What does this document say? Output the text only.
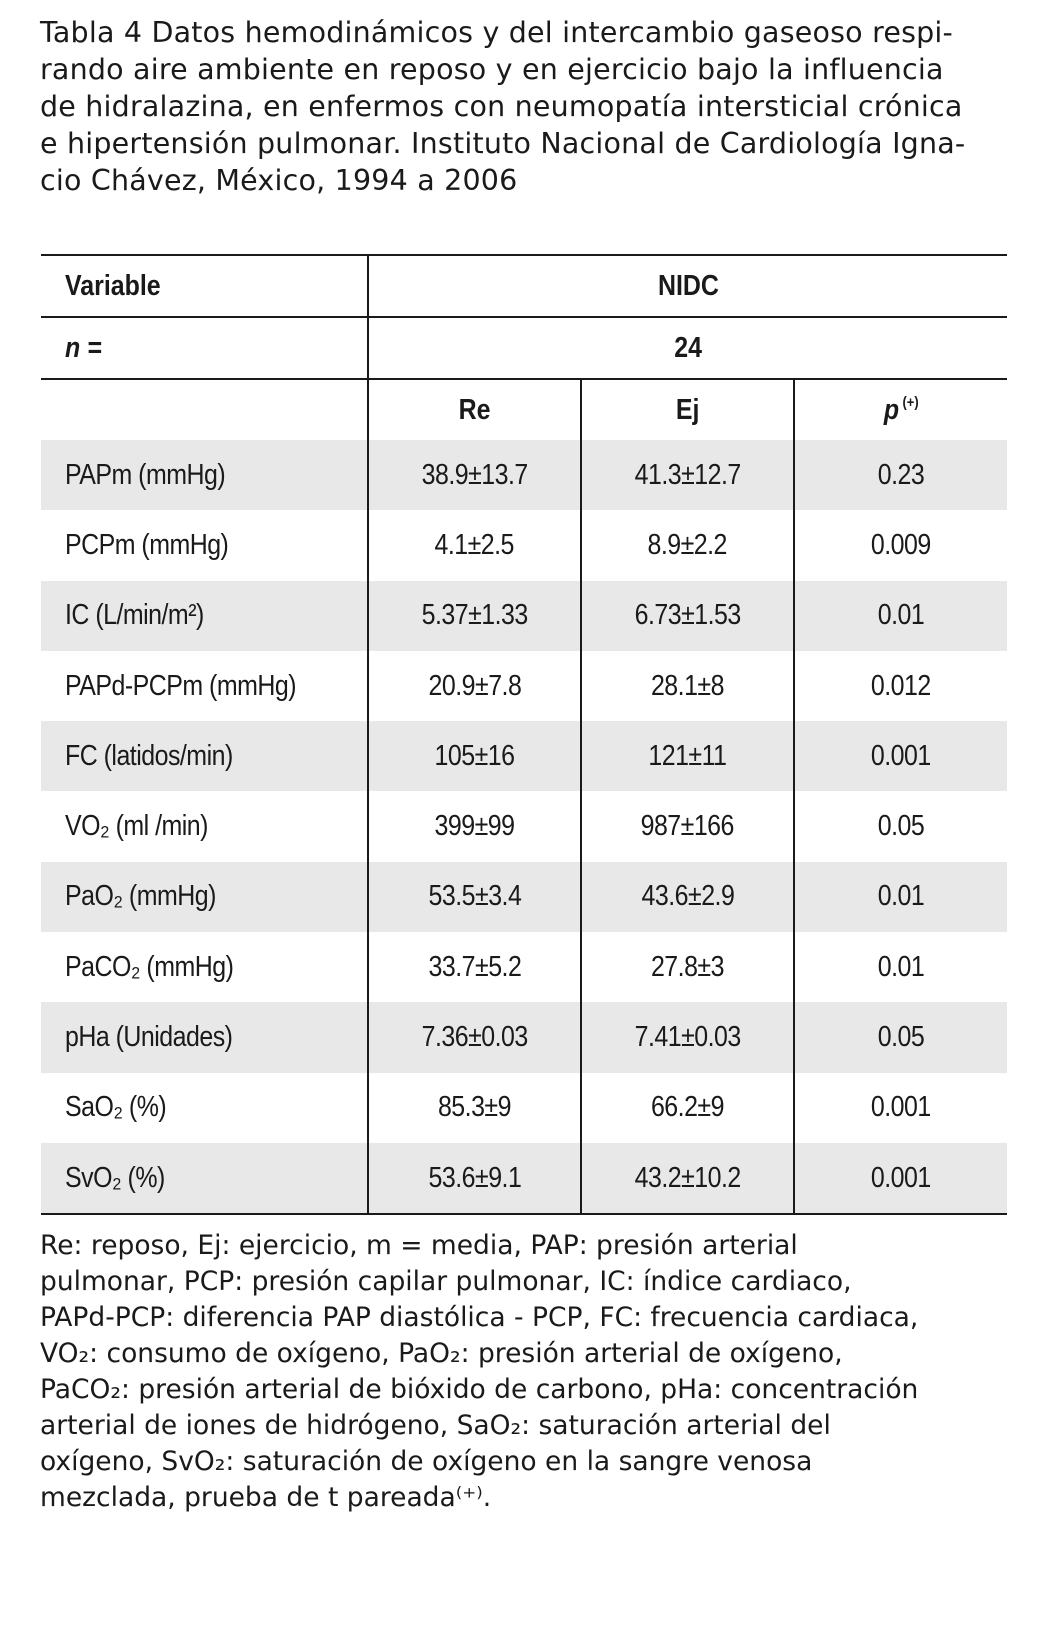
Tabla 4 Datos hemodinámicos y del intercambio gaseoso respi-
rando aire ambiente en reposo y en ejercicio bajo la influencia
de hidralazina, en enfermos con neumopatía intersticial crónica
e hipertensión pulmonar. Instituto Nacional de Cardiología Igna-
cio Chávez, México, 1994 a 2006
Variable	NIDC		
n =	24		
	Re	Ej	p (+)
PAPm (mmHg)	38.9±13.7	41.3±12.7	0.23
PCPm (mmHg)	4.1±2.5	8.9±2.2	0.009
IC (L/min/m²)	5.37±1.33	6.73±1.53	0.01
PAPd-PCPm (mmHg)	20.9±7.8	28.1±8	0.012
FC (latidos/min)	105±16	121±11	0.001
VO₂ (ml /min)	399±99	987±166	0.05
PaO₂ (mmHg)	53.5±3.4	43.6±2.9	0.01
PaCO₂ (mmHg)	33.7±5.2	27.8±3	0.01
pHa (Unidades)	7.36±0.03	7.41±0.03	0.05
SaO₂ (%)	85.3±9	66.2±9	0.001
SvO₂ (%)	53.6±9.1	43.2±10.2	0.001
Re: reposo, Ej: ejercicio, m = media, PAP: presión arterial
pulmonar, PCP: presión capilar pulmonar, IC: índice cardiaco,
PAPd-PCP: diferencia PAP diastólica - PCP, FC: frecuencia cardiaca,
VO₂: consumo de oxígeno, PaO₂: presión arterial de oxígeno,
PaCO₂: presión arterial de bióxido de carbono, pHa: concentración
arterial de iones de hidrógeno, SaO₂: saturación arterial del
oxígeno, SvO₂: saturación de oxígeno en la sangre venosa
mezclada, prueba de t pareada⁽⁺⁾.
